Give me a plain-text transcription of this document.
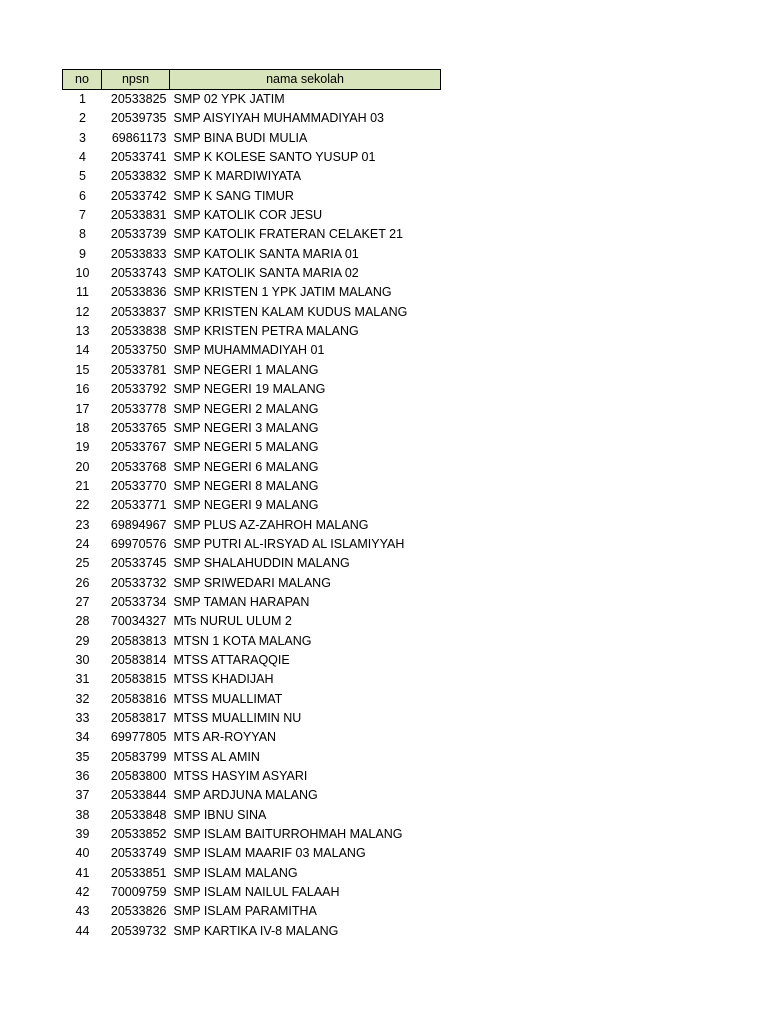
no	npsn	nama sekolah
1	20533825	SMP 02 YPK JATIM
2	20539735	SMP AISYIYAH MUHAMMADIYAH 03
3	69861173	SMP BINA BUDI MULIA
4	20533741	SMP K KOLESE SANTO YUSUP 01
5	20533832	SMP K MARDIWIYATA
6	20533742	SMP K SANG TIMUR
7	20533831	SMP KATOLIK COR JESU
8	20533739	SMP KATOLIK FRATERAN CELAKET 21
9	20533833	SMP KATOLIK SANTA MARIA 01
10	20533743	SMP KATOLIK SANTA MARIA 02
11	20533836	SMP KRISTEN 1 YPK JATIM MALANG
12	20533837	SMP KRISTEN KALAM KUDUS MALANG
13	20533838	SMP KRISTEN PETRA MALANG
14	20533750	SMP MUHAMMADIYAH 01
15	20533781	SMP NEGERI 1 MALANG
16	20533792	SMP NEGERI 19 MALANG
17	20533778	SMP NEGERI 2 MALANG
18	20533765	SMP NEGERI 3 MALANG
19	20533767	SMP NEGERI 5 MALANG
20	20533768	SMP NEGERI 6 MALANG
21	20533770	SMP NEGERI 8 MALANG
22	20533771	SMP NEGERI 9 MALANG
23	69894967	SMP PLUS AZ-ZAHROH MALANG
24	69970576	SMP PUTRI AL-IRSYAD AL ISLAMIYYAH
25	20533745	SMP SHALAHUDDIN MALANG
26	20533732	SMP SRIWEDARI MALANG
27	20533734	SMP TAMAN HARAPAN
28	70034327	MTs NURUL ULUM 2
29	20583813	MTSN 1 KOTA MALANG
30	20583814	MTSS ATTARAQQIE
31	20583815	MTSS KHADIJAH
32	20583816	MTSS MUALLIMAT
33	20583817	MTSS MUALLIMIN NU
34	69977805	MTS AR-ROYYAN
35	20583799	MTSS AL AMIN
36	20583800	MTSS HASYIM ASYARI
37	20533844	SMP ARDJUNA MALANG
38	20533848	SMP IBNU SINA
39	20533852	SMP ISLAM BAITURROHMAH MALANG
40	20533749	SMP ISLAM MAARIF 03 MALANG
41	20533851	SMP ISLAM MALANG
42	70009759	SMP ISLAM NAILUL FALAAH
43	20533826	SMP ISLAM PARAMITHA
44	20539732	SMP KARTIKA IV-8 MALANG
